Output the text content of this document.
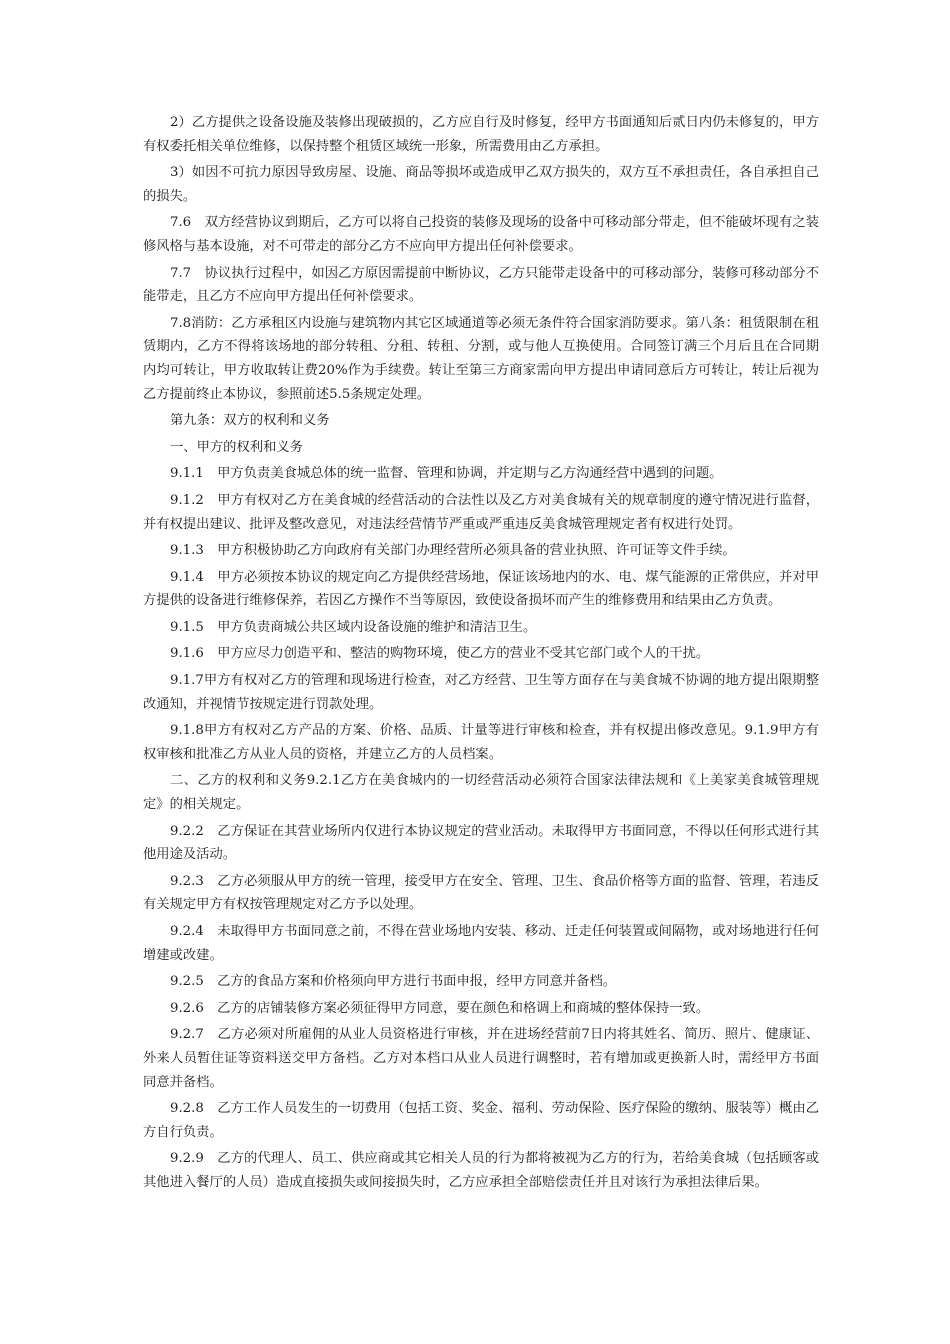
2）乙方提供之设备设施及装修出现破损的，乙方应自行及时修复，经甲方书面通知后贰日内仍未修复的，甲方有权委托相关单位维修，以保持整个租赁区域统一形象，所需费用由乙方承担。

3）如因不可抗力原因导致房屋、设施、商品等损坏或造成甲乙双方损失的，双方互不承担责任，各自承担自己的损失。

7.6　双方经营协议到期后，乙方可以将自己投资的装修及现场的设备中可移动部分带走，但不能破坏现有之装修风格与基本设施，对不可带走的部分乙方不应向甲方提出任何补偿要求。

7.7　协议执行过程中，如因乙方原因需提前中断协议，乙方只能带走设备中的可移动部分，装修可移动部分不能带走，且乙方不应向甲方提出任何补偿要求。

7.8消防：乙方承租区内设施与建筑物内其它区域通道等必须无条件符合国家消防要求。第八条：租赁限制在租赁期内，乙方不得将该场地的部分转租、分租、转租、分割，或与他人互换使用。合同签订满三个月后且在合同期内均可转让，甲方收取转让费20%作为手续费。转让至第三方商家需向甲方提出申请同意后方可转让，转让后视为乙方提前终止本协议，参照前述5.5条规定处理。

第九条：双方的权利和义务

一、甲方的权利和义务

9.1.1　甲方负责美食城总体的统一监督、管理和协调，并定期与乙方沟通经营中遇到的问题。

9.1.2　甲方有权对乙方在美食城的经营活动的合法性以及乙方对美食城有关的规章制度的遵守情况进行监督，并有权提出建议、批评及整改意见，对违法经营情节严重或严重违反美食城管理规定者有权进行处罚。

9.1.3　甲方积极协助乙方向政府有关部门办理经营所必须具备的营业执照、许可证等文件手续。

9.1.4　甲方必须按本协议的规定向乙方提供经营场地，保证该场地内的水、电、煤气能源的正常供应，并对甲方提供的设备进行维修保养，若因乙方操作不当等原因，致使设备损坏而产生的维修费用和结果由乙方负责。

9.1.5　甲方负责商城公共区域内设备设施的维护和清洁卫生。

9.1.6　甲方应尽力创造平和、整洁的购物环境，使乙方的营业不受其它部门或个人的干扰。

9.1.7甲方有权对乙方的管理和现场进行检查，对乙方经营、卫生等方面存在与美食城不协调的地方提出限期整改通知，并视情节按规定进行罚款处理。

9.1.8甲方有权对乙方产品的方案、价格、品质、计量等进行审核和检查，并有权提出修改意见。9.1.9甲方有权审核和批准乙方从业人员的资格，并建立乙方的人员档案。

二、乙方的权利和义务9.2.1乙方在美食城内的一切经营活动必须符合国家法律法规和《上美家美食城管理规定》的相关规定。

9.2.2　乙方保证在其营业场所内仅进行本协议规定的营业活动。未取得甲方书面同意，不得以任何形式进行其他用途及活动。

9.2.3　乙方必须服从甲方的统一管理，接受甲方在安全、管理、卫生、食品价格等方面的监督、管理，若违反有关规定甲方有权按管理规定对乙方予以处理。

9.2.4　未取得甲方书面同意之前，不得在营业场地内安装、移动、迁走任何装置或间隔物，或对场地进行任何增建或改建。

9.2.5　乙方的食品方案和价格须向甲方进行书面申报，经甲方同意并备档。

9.2.6　乙方的店铺装修方案必须征得甲方同意，要在颜色和格调上和商城的整体保持一致。

9.2.7　乙方必须对所雇佣的从业人员资格进行审核，并在进场经营前7日内将其姓名、简历、照片、健康证、外来人员暂住证等资料送交甲方备档。乙方对本档口从业人员进行调整时，若有增加或更换新人时，需经甲方书面同意并备档。

9.2.8　乙方工作人员发生的一切费用（包括工资、奖金、福利、劳动保险、医疗保险的缴纳、服装等）概由乙方自行负责。

9.2.9　乙方的代理人、员工、供应商或其它相关人员的行为都将被视为乙方的行为，若给美食城（包括顾客或其他进入餐厅的人员）造成直接损失或间接损失时，乙方应承担全部赔偿责任并且对该行为承担法律后果。
